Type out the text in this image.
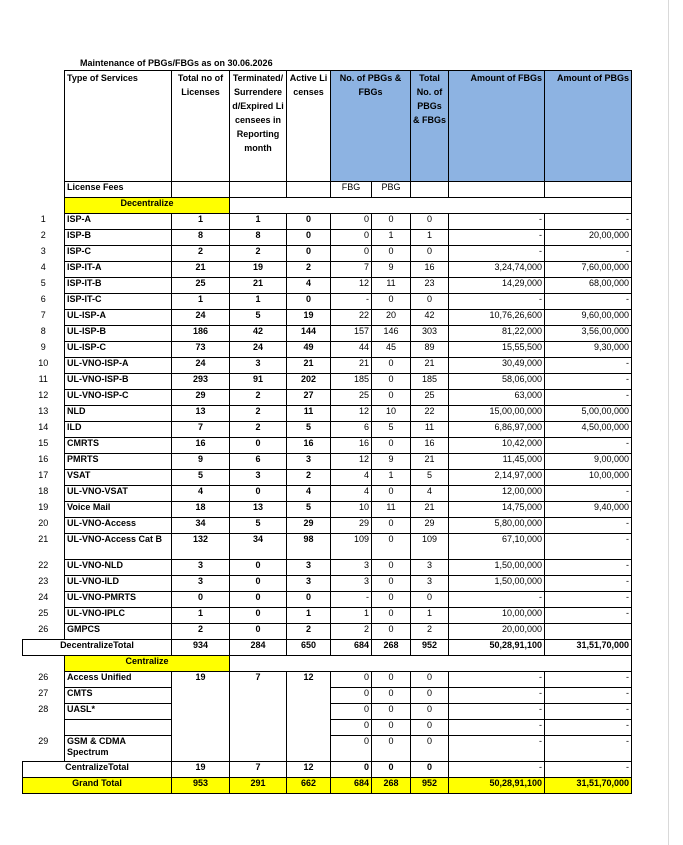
Maintenance of PBGs/FBGs as on 30.06.2026
	Type of Services	Total no of Licenses	Terminated/Surrendered/Expired Licensees in Reporting month	Active Licenses	No. of PBGs & FBGs		Total No. of PBGs & FBGs	Amount of FBGs	Amount of PBGs
	License Fees				FBG	PBG			
	Decentralize								
1	ISP-A	1	1	0	0	0	0	-	-
2	ISP-B	8	8	0	0	1	1	-	20,00,000
3	ISP-C	2	2	0	0	0	0	-	-
4	ISP-IT-A	21	19	2	7	9	16	3,24,74,000	7,60,00,000
5	ISP-IT-B	25	21	4	12	11	23	14,29,000	68,00,000
6	ISP-IT-C	1	1	0	-	0	0	-	-
7	UL-ISP-A	24	5	19	22	20	42	10,76,26,600	9,60,00,000
8	UL-ISP-B	186	42	144	157	146	303	81,22,000	3,56,00,000
9	UL-ISP-C	73	24	49	44	45	89	15,55,500	9,30,000
10	UL-VNO-ISP-A	24	3	21	21	0	21	30,49,000	-
11	UL-VNO-ISP-B	293	91	202	185	0	185	58,06,000	-
12	UL-VNO-ISP-C	29	2	27	25	0	25	63,000	-
13	NLD	13	2	11	12	10	22	15,00,00,000	5,00,00,000
14	ILD	7	2	5	6	5	11	6,86,97,000	4,50,00,000
15	CMRTS	16	0	16	16	0	16	10,42,000	-
16	PMRTS	9	6	3	12	9	21	11,45,000	9,00,000
17	VSAT	5	3	2	4	1	5	2,14,97,000	10,00,000
18	UL-VNO-VSAT	4	0	4	4	0	4	12,00,000	-
19	Voice Mail	18	13	5	10	11	21	14,75,000	9,40,000
20	UL-VNO-Access	34	5	29	29	0	29	5,80,00,000	-
21	UL-VNO-Access Cat B	132	34	98	109	0	109	67,10,000	-
22	UL-VNO-NLD	3	0	3	3	0	3	1,50,00,000	-
23	UL-VNO-ILD	3	0	3	3	0	3	1,50,00,000	-
24	UL-VNO-PMRTS	0	0	0	-	0	0	-	-
25	UL-VNO-IPLC	1	0	1	1	0	1	10,00,000	-
26	GMPCS	2	0	2	2	0	2	20,00,000	
DecentralizeTotal		934	284	650	684	268	952	50,28,91,100	31,51,70,000
	Centralize								
26	Access Unified	19	7	12	0	0	0	-	-
27	CMTS				0	0	0	-	-
28	UASL*				0	0	0	-	-
					0	0	0	-	-
29	GSM & CDMA Spectrum				0	0	0	-	-
CentralizeTotal		19	7	12	0	0	0	-	-
Grand Total		953	291	662	684	268	952	50,28,91,100	31,51,70,000
